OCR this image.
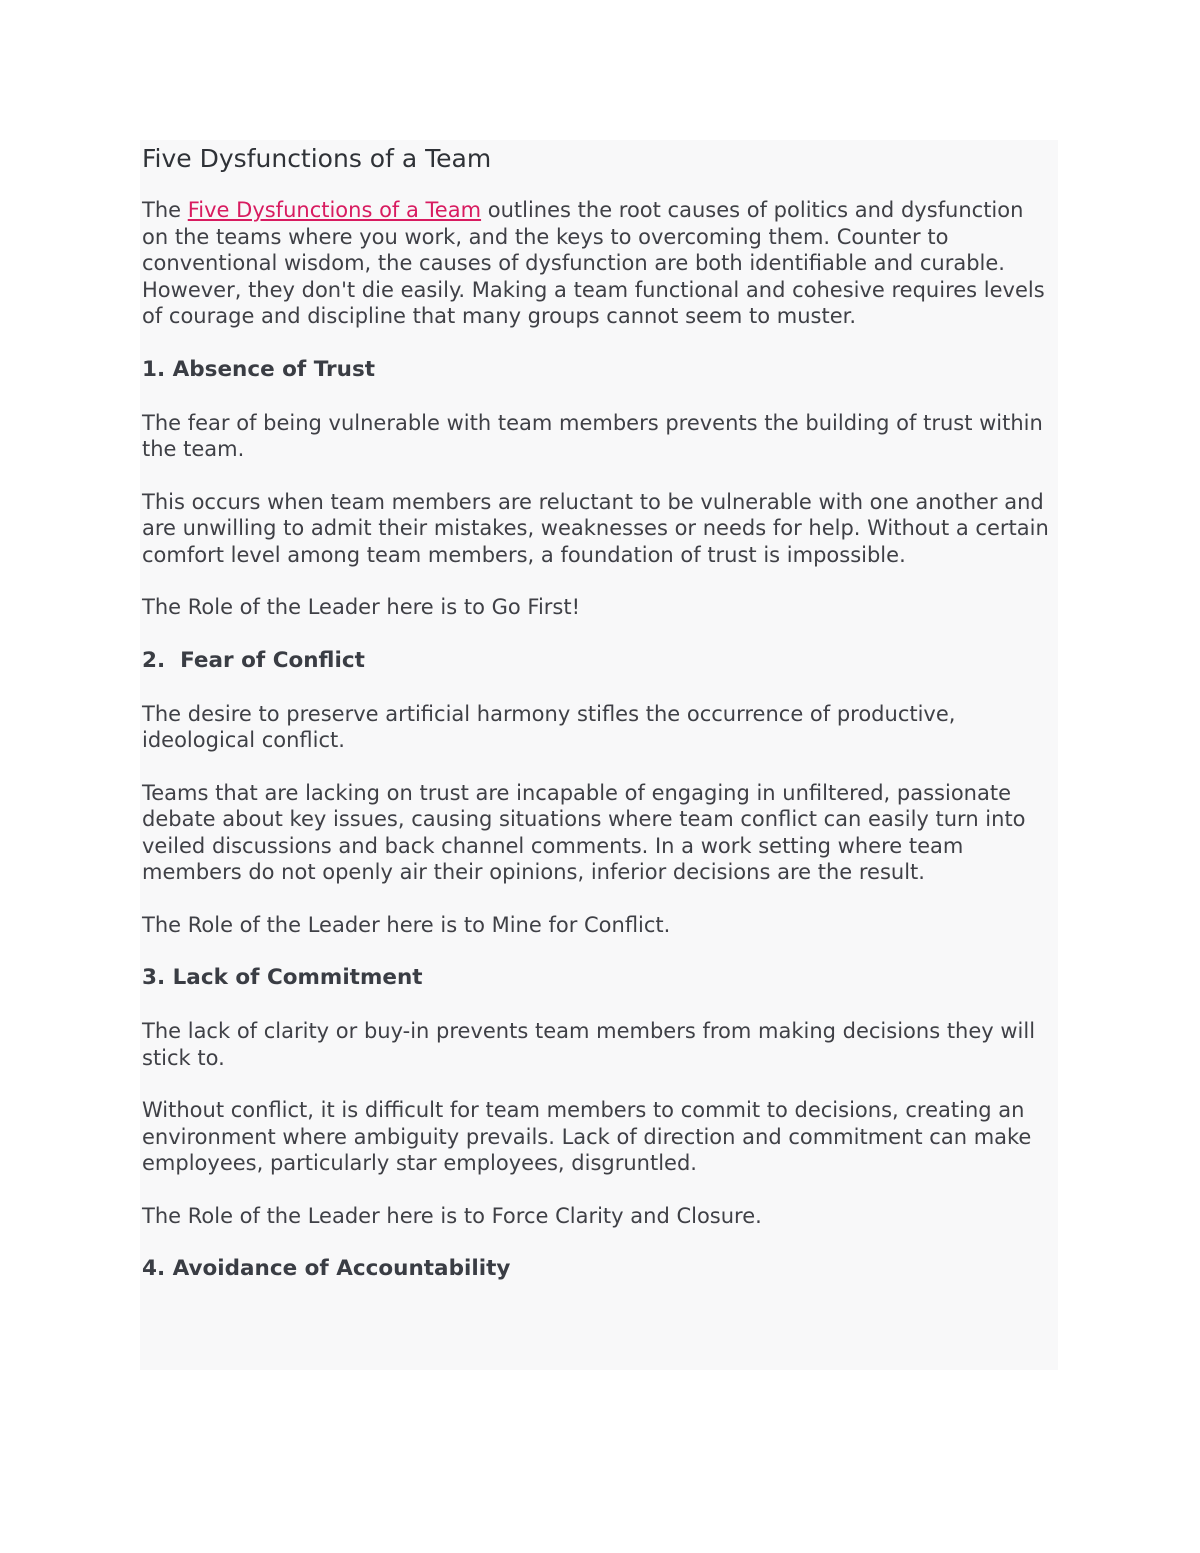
Five Dysfunctions of a Team

The Five Dysfunctions of a Team outlines the root causes of politics and dysfunction on the teams where you work, and the keys to overcoming them. Counter to conventional wisdom, the causes of dysfunction are both identifiable and curable. However, they don't die easily. Making a team functional and cohesive requires levels of courage and discipline that many groups cannot seem to muster.

1. Absence of Trust

The fear of being vulnerable with team members prevents the building of trust within the team.

This occurs when team members are reluctant to be vulnerable with one another and are unwilling to admit their mistakes, weaknesses or needs for help. Without a certain comfort level among team members, a foundation of trust is impossible.

The Role of the Leader here is to Go First!

2.  Fear of Conflict

The desire to preserve artificial harmony stifles the occurrence of productive, ideological conflict.

Teams that are lacking on trust are incapable of engaging in unfiltered, passionate debate about key issues, causing situations where team conflict can easily turn into veiled discussions and back channel comments. In a work setting where team members do not openly air their opinions, inferior decisions are the result.

The Role of the Leader here is to Mine for Conflict.

3. Lack of Commitment

The lack of clarity or buy-in prevents team members from making decisions they will stick to.

Without conflict, it is difficult for team members to commit to decisions, creating an environment where ambiguity prevails. Lack of direction and commitment can make employees, particularly star employees, disgruntled.

The Role of the Leader here is to Force Clarity and Closure.

4. Avoidance of Accountability
